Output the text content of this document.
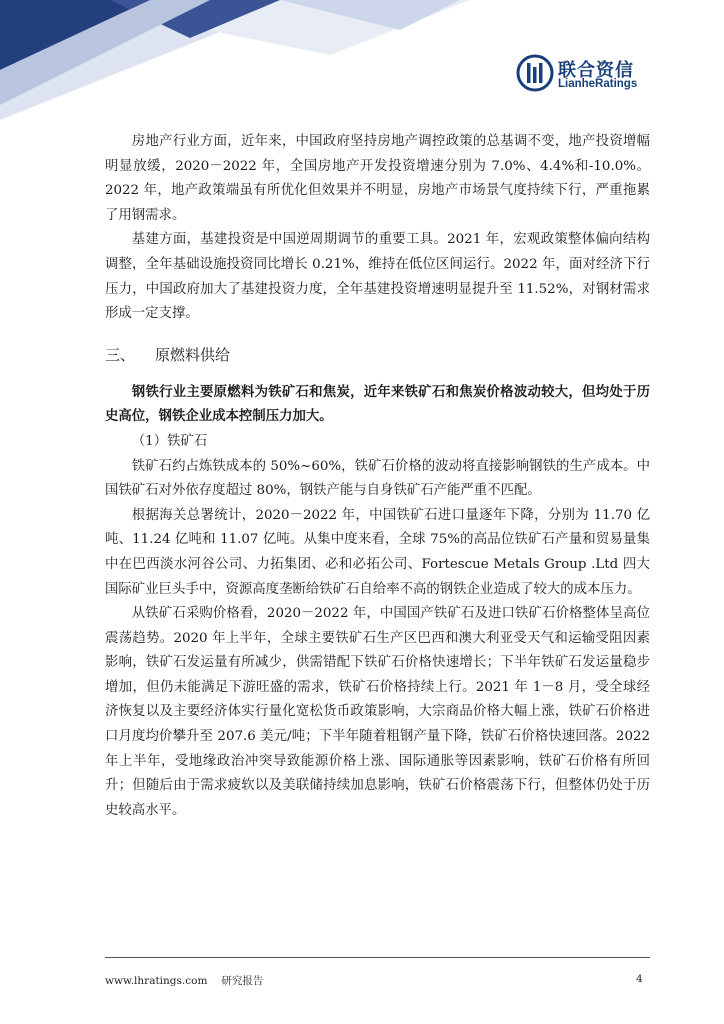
联合资信
LianheRatings

房地产行业方面，近年来，中国政府坚持房地产调控政策的总基调不变，地产投资增幅明显放缓，2020－2022 年，全国房地产开发投资增速分别为 7.0%、4.4%和-10.0%。2022 年，地产政策端虽有所优化但效果并不明显，房地产市场景气度持续下行，严重拖累了用钢需求。

基建方面，基建投资是中国逆周期调节的重要工具。2021 年，宏观政策整体偏向结构调整，全年基础设施投资同比增长 0.21%，维持在低位区间运行。2022 年，面对经济下行压力，中国政府加大了基建投资力度，全年基建投资增速明显提升至 11.52%，对钢材需求形成一定支撑。

三、 原燃料供给

钢铁行业主要原燃料为铁矿石和焦炭，近年来铁矿石和焦炭价格波动较大，但均处于历史高位，钢铁企业成本控制压力加大。

（1）铁矿石

铁矿石约占炼铁成本的 50%~60%，铁矿石价格的波动将直接影响钢铁的生产成本。中国铁矿石对外依存度超过 80%，钢铁产能与自身铁矿石产能严重不匹配。

根据海关总署统计，2020－2022 年，中国铁矿石进口量逐年下降，分别为 11.70 亿吨、11.24 亿吨和 11.07 亿吨。从集中度来看，全球 75%的高品位铁矿石产量和贸易量集中在巴西淡水河谷公司、力拓集团、必和必拓公司、Fortescue Metals Group .Ltd 四大国际矿业巨头手中，资源高度垄断给铁矿石自给率不高的钢铁企业造成了较大的成本压力。

从铁矿石采购价格看，2020－2022 年，中国国产铁矿石及进口铁矿石价格整体呈高位震荡趋势。2020 年上半年，全球主要铁矿石生产区巴西和澳大利亚受天气和运输受阻因素影响，铁矿石发运量有所减少，供需错配下铁矿石价格快速增长；下半年铁矿石发运量稳步增加，但仍未能满足下游旺盛的需求，铁矿石价格持续上行。2021 年 1－8 月，受全球经济恢复以及主要经济体实行量化宽松货币政策影响，大宗商品价格大幅上涨，铁矿石价格进口月度均价攀升至 207.6 美元/吨；下半年随着粗钢产量下降，铁矿石价格快速回落。2022 年上半年，受地缘政治冲突导致能源价格上涨、国际通胀等因素影响，铁矿石价格有所回升；但随后由于需求疲软以及美联储持续加息影响，铁矿石价格震荡下行，但整体仍处于历史较高水平。

www.lhratings.com 研究报告	4
